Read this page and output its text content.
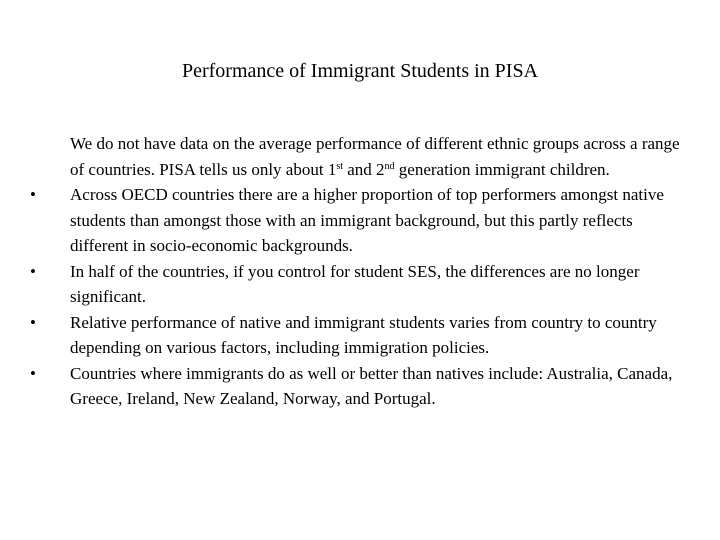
Performance of Immigrant Students in PISA
We do not have data on the average performance of different ethnic groups across a range of countries. PISA tells us only about 1st and 2nd generation immigrant children.
• Across OECD countries there are a higher proportion of top performers amongst native students than amongst those with an immigrant background, but this partly reflects different in socio-economic backgrounds.
• In half of the countries, if you control for student SES, the differences are no longer significant.
• Relative performance of native and immigrant students varies from country to country depending on various factors, including immigration policies.
• Countries where immigrants do as well or better than natives include: Australia, Canada, Greece, Ireland, New Zealand, Norway, and Portugal.
